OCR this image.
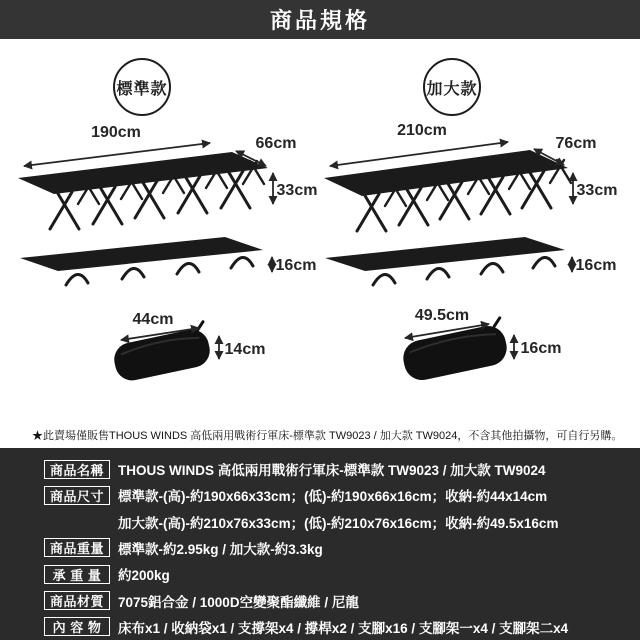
商品規格
標準款	加大款
190cm
66cm
33cm
16cm
44cm
14cm
210cm
76cm
33cm
16cm
49.5cm
16cm

★此賣場僅販售THOUS WINDS 高低兩用戰術行軍床-標準款 TW9023 / 加大款 TW9024，不含其他拍攝物，可自行另購。

商品名稱	THOUS WINDS 高低兩用戰術行軍床-標準款 TW9023 / 加大款 TW9024
商品尺寸	標準款-(高)-約190x66x33cm；(低)-約190x66x16cm；收納-約44x14cm
加大款-(高)-約210x76x33cm；(低)-約210x76x16cm；收納-約49.5x16cm
商品重量	標準款-約2.95kg / 加大款-約3.3kg
承 重 量	約200kg
商品材質	7075鋁合金 / 1000D空變聚酯纖維 / 尼龍
內 容 物	床布x1 / 收納袋x1 / 支撐架x4 / 撐桿x2 / 支腳x16 / 支腳架一x4 / 支腳架二x4
